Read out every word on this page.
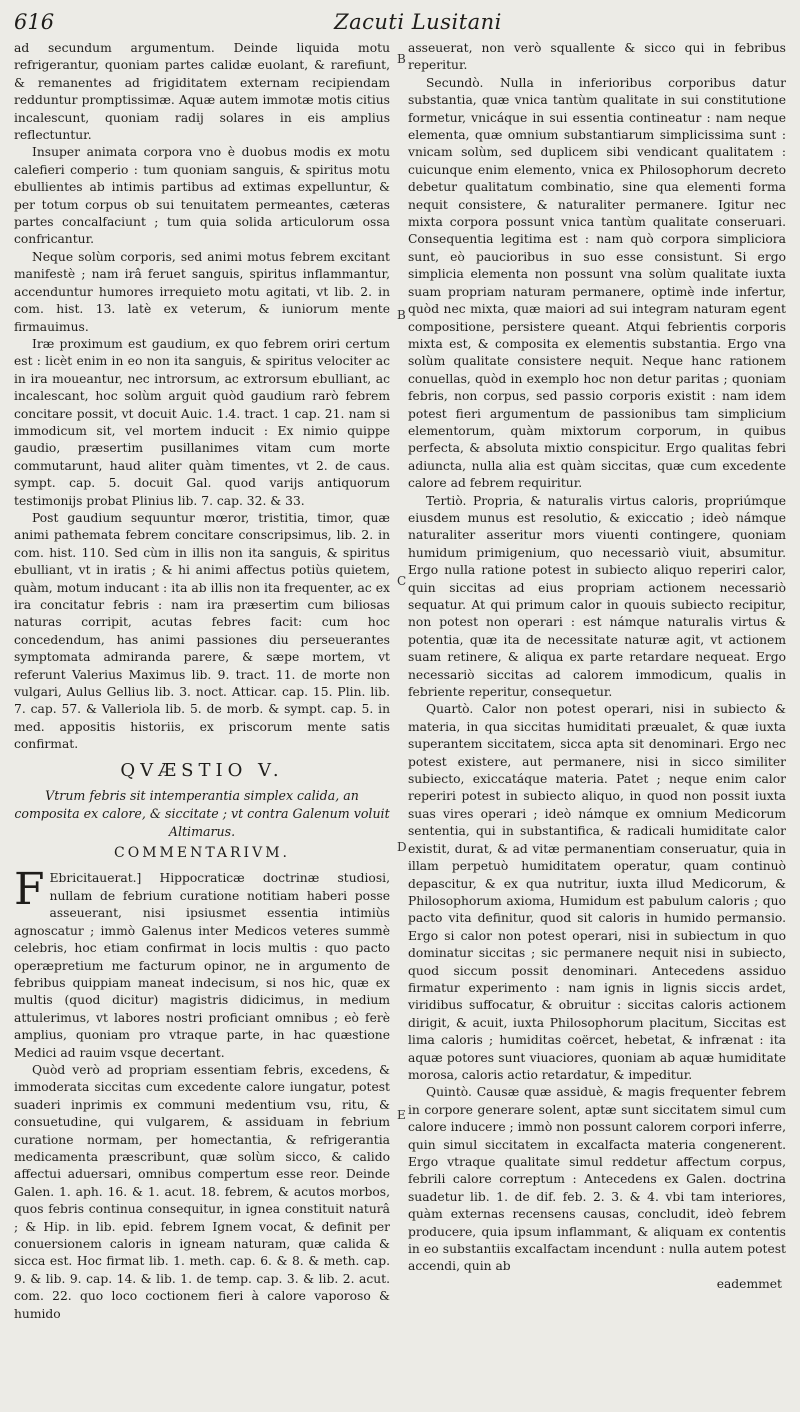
616	Zacuti Lusitani
B
B
C
D
E

ad secundum argumentum. Deinde liquida motu refrigerantur, quoniam partes calidæ euolant, & rarefiunt, & remanentes ad frigiditatem externam recipiendam redduntur promptissimæ. Aquæ autem immotæ motis citius incalescunt, quoniam radij solares in eis amplius reflectuntur.

Insuper animata corpora vno è duobus modis ex motu calefieri comperio : tum quoniam sanguis, & spiritus motu ebullientes ab intimis partibus ad extimas expelluntur, & per totum corpus ob sui tenuitatem permeantes, cæteras partes concalfaciunt ; tum quia solida articulorum ossa confricantur.

Neque solùm corporis, sed animi motus febrem excitant manifestè ; nam irâ feruet sanguis, spiritus inflammantur, accenduntur humores irrequieto motu agitati, vt lib. 2. in com. hist. 13. latè ex veterum, & iuniorum mente firmauimus.

Iræ proximum est gaudium, ex quo febrem oriri certum est : licèt enim in eo non ita sanguis, & spiritus velociter ac in ira moueantur, nec introrsum, ac extrorsum ebulliant, ac incalescant, hoc solùm arguit quòd gaudium rarò febrem concitare possit, vt docuit Auic. 1.4. tract. 1 cap. 21. nam si immodicum sit, vel mortem inducit : Ex nimio quippe gaudio, præsertim pusillanimes vitam cum morte commutarunt, haud aliter quàm timentes, vt 2. de caus. sympt. cap. 5. docuit Gal. quod varijs antiquorum testimonijs probat Plinius lib. 7. cap. 32. & 33.

Post gaudium sequuntur mœror, tristitia, timor, quæ animi pathemata febrem concitare conscripsimus, lib. 2. in com. hist. 110. Sed cùm in illis non ita sanguis, & spiritus ebulliant, vt in iratis ; & hi animi affectus potiùs quietem, quàm, motum inducant : ita ab illis non ita frequenter, ac ex ira concitatur febris : nam ira præsertim cum biliosas naturas corripit, acutas febres facit: cum hoc concedendum, has animi passiones diu perseuerantes symptomata admiranda parere, & sæpe mortem, vt referunt Valerius Maximus lib. 9. tract. 11. de morte non vulgari, Aulus Gellius lib. 3. noct. Atticar. cap. 15. Plin. lib. 7. cap. 57. & Valleriola lib. 5. de morb. & sympt. cap. 5. in med. appositis historiis, ex priscorum mente satis confirmat.

QVÆSTIO V.

Vtrum febris sit intemperantia simplex calida, an composita ex calore, & siccitate ; vt contra Galenum voluit Altimarus.

COMMENTARIVM.

F Ebricitauerat.] Hippocraticæ doctrinæ studiosi, nullam de febrium curatione notitiam haberi posse asseuerant, nisi ipsiusmet essentia intimiùs agnoscatur ; immò Galenus inter Medicos veteres summè celebris, hoc etiam confirmat in locis multis : quo pacto operæpretium me facturum opinor, ne in argumento de febribus quippiam maneat indecisum, si nos hic, quæ ex multis (quod dicitur) magistris didicimus, in medium attulerimus, vt labores nostri proficiant omnibus ; eò ferè amplius, quoniam pro vtraque parte, in hac quæstione Medici ad rauim vsque decertant.

Quòd verò ad propriam essentiam febris, excedens, & immoderata siccitas cum excedente calore iungatur, potest suaderi inprimis ex communi medentium vsu, ritu, & consuetudine, qui vulgarem, & assiduam in febrium curatione normam, per homectantia, & refrigerantia medicamenta præscribunt, quæ solùm sicco, & calido affectui aduersari, omnibus compertum esse reor. Deinde Galen. 1. aph. 16. & 1. acut. 18. febrem, & acutos morbos, quos febris continua consequitur, in ignea constituit naturâ ; & Hip. in lib. epid. febrem Ignem vocat, & definit per conuersionem caloris in igneam naturam, quæ calida & sicca est. Hoc firmat lib. 1. meth. cap. 6. & 8. & meth. cap. 9. & lib. 9. cap. 14. & lib. 1. de temp. cap. 3. & lib. 2. acut. com. 22. quo loco coctionem fieri à calore vaporoso & humido

asseuerat, non verò squallente & sicco qui in febribus reperitur.

Secundò. Nulla in inferioribus corporibus datur substantia, quæ vnica tantùm qualitate in sui constitutione formetur, vnicáque in sui essentia contineatur : nam neque elementa, quæ omnium substantiarum simplicissima sunt : vnicam solùm, sed duplicem sibi vendicant qualitatem : cuicunque enim elemento, vnica ex Philosophorum decreto debetur qualitatum combinatio, sine qua elementi forma nequit consistere, & naturaliter permanere. Igitur nec mixta corpora possunt vnica tantùm qualitate conseruari. Consequentia legitima est : nam quò corpora simpliciora sunt, eò paucioribus in suo esse consistunt. Si ergo simplicia elementa non possunt vna solùm qualitate iuxta suam propriam naturam permanere, optimè inde infertur, quòd nec mixta, quæ maiori ad sui integram naturam egent compositione, persistere queant. Atqui febrientis corporis mixta est, & composita ex elementis substantia. Ergo vna solùm qualitate consistere nequit. Neque hanc rationem conuellas, quòd in exemplo hoc non detur paritas ; quoniam febris, non corpus, sed passio corporis existit : nam idem potest fieri argumentum de passionibus tam simplicium elementorum, quàm mixtorum corporum, in quibus perfecta, & absoluta mixtio conspicitur. Ergo qualitas febri adiuncta, nulla alia est quàm siccitas, quæ cum excedente calore ad febrem requiritur.

Tertiò. Propria, & naturalis virtus caloris, propriúmque eiusdem munus est resolutio, & exiccatio ; ideò námque naturaliter asseritur mors viuenti contingere, quoniam humidum primigenium, quo necessariò viuit, absumitur. Ergo nulla ratione potest in subiecto aliquo reperiri calor, quin siccitas ad eius propriam actionem necessariò sequatur. At qui primum calor in quouis subiecto recipitur, non potest non operari : est námque naturalis virtus & potentia, quæ ita de necessitate naturæ agit, vt actionem suam retinere, & aliqua ex parte retardare nequeat. Ergo necessariò siccitas ad calorem immodicum, qualis in febriente reperitur, consequetur.

Quartò. Calor non potest operari, nisi in subiecto & materia, in qua siccitas humiditati præualet, & quæ iuxta superantem siccitatem, sicca apta sit denominari. Ergo nec potest existere, aut permanere, nisi in sicco similiter subiecto, exiccatáque materia. Patet ; neque enim calor reperiri potest in subiecto aliquo, in quod non possit iuxta suas vires operari ; ideò námque ex omnium Medicorum sententia, qui in substantifica, & radicali humiditate calor existit, durat, & ad vitæ permanentiam conseruatur, quia in illam perpetuò humiditatem operatur, quam continuò depascitur, & ex qua nutritur, iuxta illud Medicorum, & Philosophorum axioma, Humidum est pabulum caloris ; quo pacto vita definitur, quod sit caloris in humido permansio. Ergo si calor non potest operari, nisi in subiectum in quo dominatur siccitas ; sic permanere nequit nisi in subiecto, quod siccum possit denominari. Antecedens assiduo firmatur experimento : nam ignis in lignis siccis ardet, viridibus suffocatur, & obruitur : siccitas caloris actionem dirigit, & acuit, iuxta Philosophorum placitum, Siccitas est lima caloris ; humiditas coërcet, hebetat, & infrænat : ita aquæ potores sunt viuaciores, quoniam ab aquæ humiditate morosa, caloris actio retardatur, & impeditur.

Quintò. Causæ quæ assiduè, & magis frequenter febrem in corpore generare solent, aptæ sunt siccitatem simul cum calore inducere ; immò non possunt calorem corpori inferre, quin simul siccitatem in excalfacta materia congenerent. Ergo vtraque qualitate simul reddetur affectum corpus, febrili calore correptum : Antecedens ex Galen. doctrina suadetur lib. 1. de dif. feb. 2. 3. & 4. vbi tam interiores, quàm externas recensens causas, concludit, ideò febrem producere, quia ipsum inflammant, & aliquam ex contentis in eo substantiis excalfactam incendunt : nulla autem potest accendi, quin ab

eademmet
